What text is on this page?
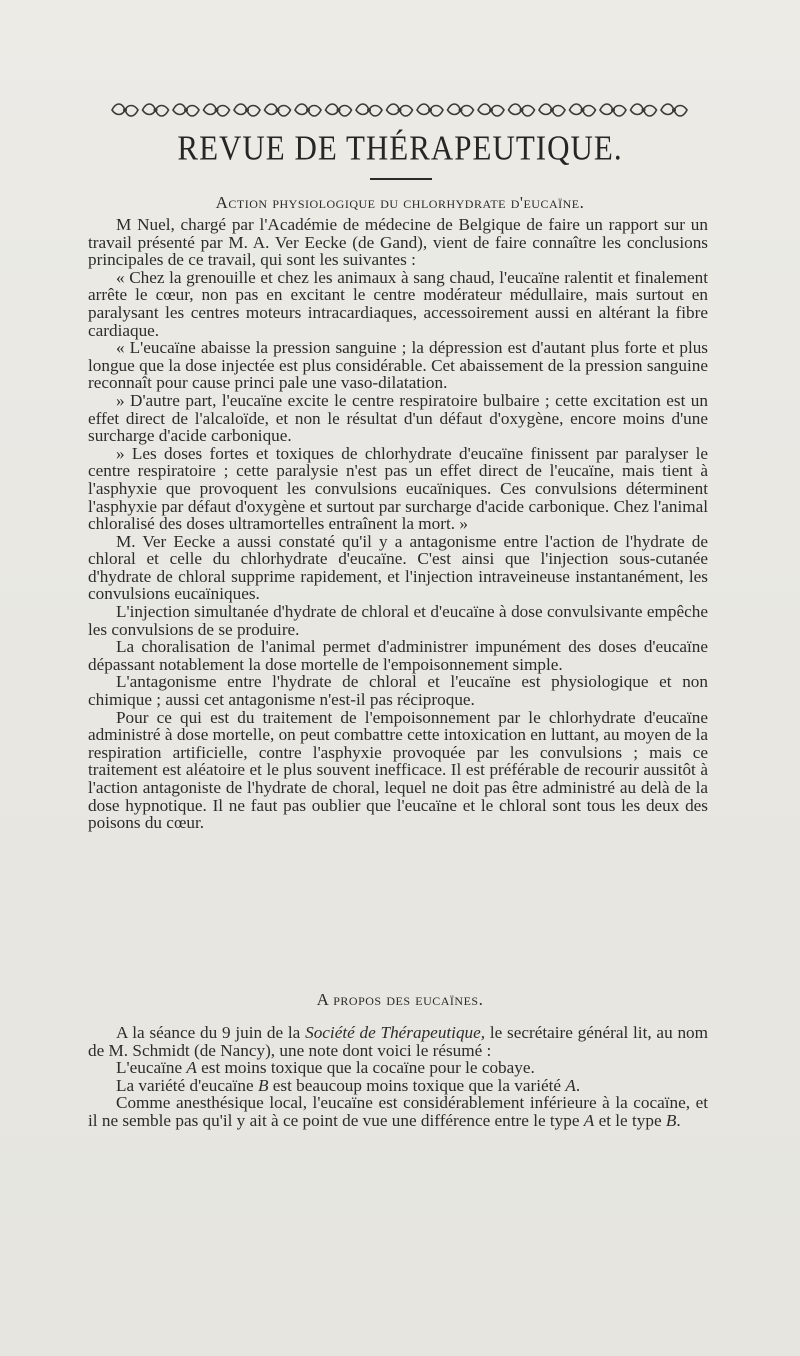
REVUE DE THÉRAPEUTIQUE.
Action physiologique du chlorhydrate d'eucaïne.

M Nuel, chargé par l'Académie de médecine de Belgique de faire un rapport sur un travail présenté par M. A. Ver Eecke (de Gand), vient de faire connaître les conclusions principales de ce travail, qui sont les suivantes :

« Chez la grenouille et chez les animaux à sang chaud, l'eucaïne ralentit et finalement arrête le cœur, non pas en excitant le centre modérateur médullaire, mais surtout en paralysant les centres moteurs intracardiaques, accessoirement aussi en altérant la fibre cardiaque.

« L'eucaïne abaisse la pression sanguine ; la dépression est d'autant plus forte et plus longue que la dose injectée est plus considérable. Cet abaissement de la pression sanguine reconnaît pour cause princi pale une vaso-dilatation.

» D'autre part, l'eucaïne excite le centre respiratoire bulbaire ; cette excitation est un effet direct de l'alcaloïde, et non le résultat d'un défaut d'oxygène, encore moins d'une surcharge d'acide carbonique.

» Les doses fortes et toxiques de chlorhydrate d'eucaïne finissent par paralyser le centre respiratoire ; cette paralysie n'est pas un effet direct de l'eucaïne, mais tient à l'asphyxie que provoquent les convulsions eucaïniques. Ces convulsions déterminent l'asphyxie par défaut d'oxygène et surtout par surcharge d'acide carbonique. Chez l'animal chloralisé des doses ultramortelles entraînent la mort. »

M. Ver Eecke a aussi constaté qu'il y a antagonisme entre l'action de l'hydrate de chloral et celle du chlorhydrate d'eucaïne. C'est ainsi que l'injection sous-cutanée d'hydrate de chloral supprime rapidement, et l'injection intraveineuse instantanément, les convulsions eucaïniques.

L'injection simultanée d'hydrate de chloral et d'eucaïne à dose convulsivante empêche les convulsions de se produire.

La choralisation de l'animal permet d'administrer impunément des doses d'eucaïne dépassant notablement la dose mortelle de l'empoisonnement simple.

L'antagonisme entre l'hydrate de chloral et l'eucaïne est physiologique et non chimique ; aussi cet antagonisme n'est-il pas réciproque.

Pour ce qui est du traitement de l'empoisonnement par le chlorhydrate d'eucaïne administré à dose mortelle, on peut combattre cette intoxication en luttant, au moyen de la respiration artificielle, contre l'asphyxie provoquée par les convulsions ; mais ce traitement est aléatoire et le plus souvent inefficace. Il est préférable de recourir aussitôt à l'action antagoniste de l'hydrate de choral, lequel ne doit pas être administré au delà de la dose hypnotique. Il ne faut pas oublier que l'eucaïne et le chloral sont tous les deux des poisons du cœur.

A propos des eucaïnes.

A la séance du 9 juin de la Société de Thérapeutique, le secrétaire général lit, au nom de M. Schmidt (de Nancy), une note dont voici le résumé :

L'eucaïne A est moins toxique que la cocaïne pour le cobaye.

La variété d'eucaïne B est beaucoup moins toxique que la variété A.

Comme anesthésique local, l'eucaïne est considérablement inférieure à la cocaïne, et il ne semble pas qu'il y ait à ce point de vue une différence entre le type A et le type B.
